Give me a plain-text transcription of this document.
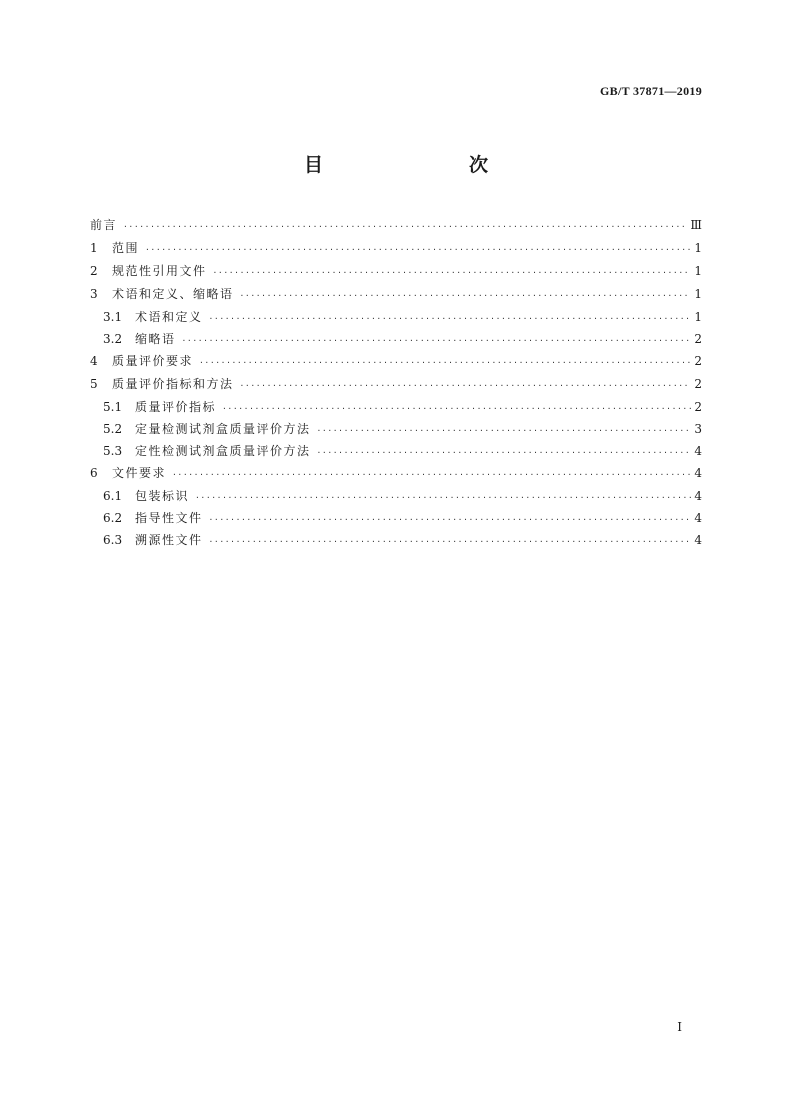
GB/T 37871—2019
目　　次
前言 ·····	Ⅲ
1	范围 ·····	1
2	规范性引用文件 ·····	1
3	术语和定义、缩略语 ·····	1
3.1	术语和定义 ·····	1
3.2	缩略语 ·····	2
4	质量评价要求 ·····	2
5	质量评价指标和方法 ·····	2
5.1	质量评价指标 ·····	2
5.2	定量检测试剂盒质量评价方法 ·····	3
5.3	定性检测试剂盒质量评价方法 ·····	4
6	文件要求 ·····	4
6.1	包装标识 ·····	4
6.2	指导性文件 ·····	4
6.3	溯源性文件 ·····	4
I
